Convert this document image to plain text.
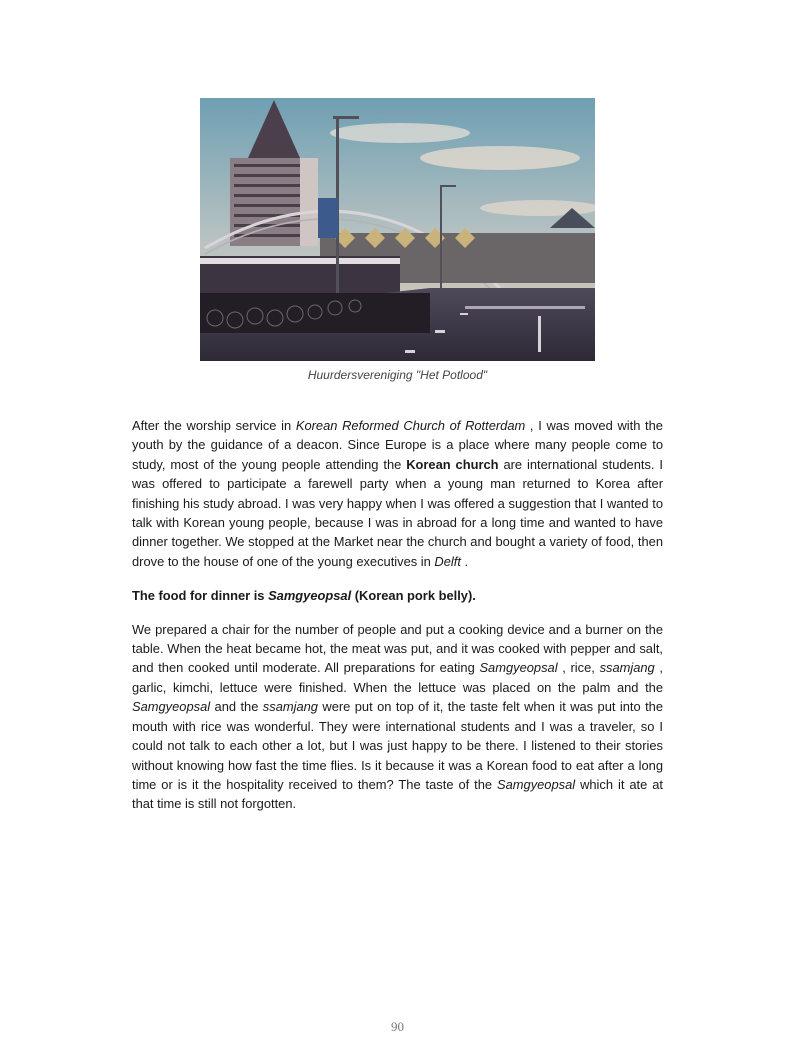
Huurdersvereniging "Het Potlood"

After the worship service in Korean Reformed Church of Rotterdam , I was moved with the youth by the guidance of a deacon. Since Europe is a place where many people come to study, most of the young people attending the Korean church are international students. I was offered to participate a farewell party when a young man returned to Korea after finishing his study abroad. I was very happy when I was offered a suggestion that I wanted to talk with Korean young people, because I was in abroad for a long time and wanted to have dinner together. We stopped at the Market near the church and bought a variety of food, then drove to the house of one of the young executives in Delft .

The food for dinner is Samgyeopsal (Korean pork belly).

We prepared a chair for the number of people and put a cooking device and a burner on the table. When the heat became hot, the meat was put, and it was cooked with pepper and salt, and then cooked until moderate. All preparations for eating Samgyeopsal , rice, ssamjang , garlic, kimchi, lettuce were finished. When the lettuce was placed on the palm and the Samgyeopsal and the ssamjang were put on top of it, the taste felt when it was put into the mouth with rice was wonderful. They were international students and I was a traveler, so I could not talk to each other a lot, but I was just happy to be there. I listened to their stories without knowing how fast the time flies. Is it because it was a Korean food to eat after a long time or is it the hospitality received to them? The taste of the Samgyeopsal which it ate at that time is still not forgotten.

90
